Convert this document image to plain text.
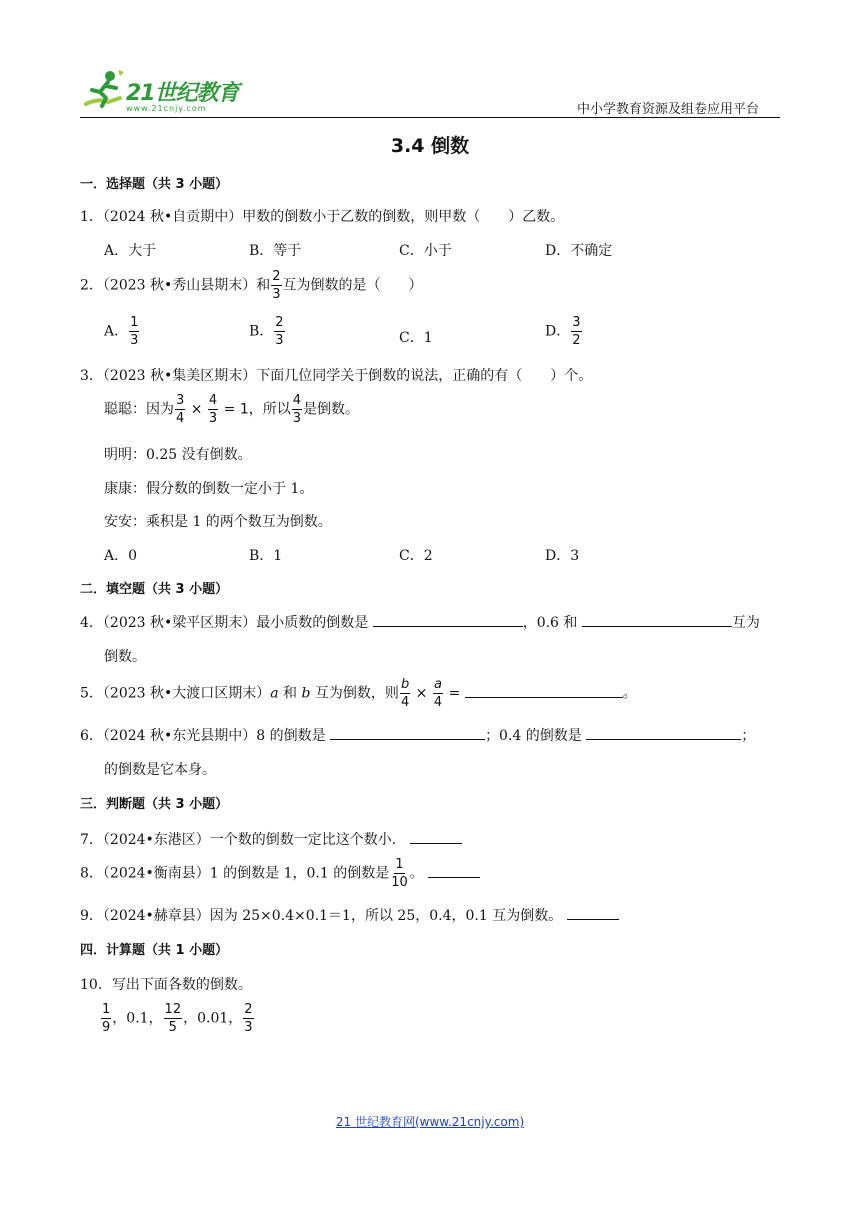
21世纪教育
www.21cnjy.com	中小学教育资源及组卷应用平台
3.4 倒数
一．选择题（共 3 小题）
1．（2024 秋•自贡期中）甲数的倒数小于乙数的倒数，则甲数（　　）乙数。
A．大于	B．等于	C．小于	D．不确定
2．（2023 秋•秀山县期末）和 $\frac{2}{3}$ 互为倒数的是（　　）
A． $\frac{1}{3}$	B． $\frac{2}{3}$	C．1	D． $\frac{3}{2}$
3．（2023 秋•集美区期末）下面几位同学关于倒数的说法，正确的有（　　）个。
聪聪：因为 $\frac{3}{4} \times \frac{4}{3} = 1$，所以 $\frac{4}{3}$ 是倒数。
明明：0.25 没有倒数。
康康：假分数的倒数一定小于 1。
安安：乘积是 1 的两个数互为倒数。
A．0	B．1	C．2	D．3
二．填空题（共 3 小题）
4．（2023 秋•梁平区期末）最小质数的倒数是	，0.6 和	互为
倒数。
5．（2023 秋•大渡口区期末）a 和 b 互为倒数，则 $\frac{b}{4} \times \frac{a}{4}$ =	。
6．（2024 秋•东光县期中）8 的倒数是	；0.4 的倒数是	；
的倒数是它本身。
三．判断题（共 3 小题）
7．（2024•东港区）一个数的倒数一定比这个数小．
8．（2024•衡南县）1 的倒数是 1，0.1 的倒数是 $\frac{1}{10}$ 。
9．（2024•赫章县）因为 25×0.4×0.1＝1，所以 25，0.4，0.1 互为倒数。
四．计算题（共 1 小题）
10．写出下面各数的倒数。
$\frac{1}{9}$ ，0.1， $\frac{12}{5}$ ，0.01， $\frac{2}{3}$
21 世纪教育网(www.21cnjy.com)
